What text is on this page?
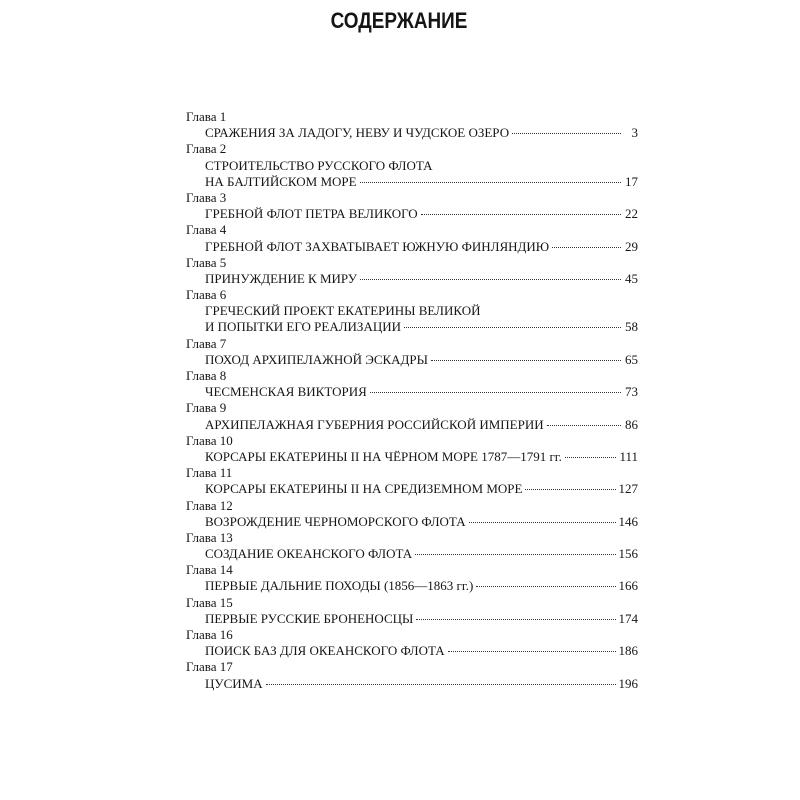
СОДЕРЖАНИЕ
Глава 1
СРАЖЕНИЯ ЗА ЛАДОГУ, НЕВУ И ЧУДСКОЕ ОЗЕРО	3
Глава 2
СТРОИТЕЛЬСТВО РУССКОГО ФЛОТА
НА БАЛТИЙСКОМ МОРЕ	17
Глава 3
ГРЕБНОЙ ФЛОТ ПЕТРА ВЕЛИКОГО	22
Глава 4
ГРЕБНОЙ ФЛОТ ЗАХВАТЫВАЕТ ЮЖНУЮ ФИНЛЯНДИЮ	29
Глава 5
ПРИНУЖДЕНИЕ К МИРУ	45
Глава 6
ГРЕЧЕСКИЙ ПРОЕКТ ЕКАТЕРИНЫ ВЕЛИКОЙ
И ПОПЫТКИ ЕГО РЕАЛИЗАЦИИ	58
Глава 7
ПОХОД АРХИПЕЛАЖНОЙ ЭСКАДРЫ	65
Глава 8
ЧЕСМЕНСКАЯ ВИКТОРИЯ	73
Глава 9
АРХИПЕЛАЖНАЯ ГУБЕРНИЯ РОССИЙСКОЙ ИМПЕРИИ	86
Глава 10
КОРСАРЫ ЕКАТЕРИНЫ II НА ЧЁРНОМ МОРЕ 1787—1791 гг.	111
Глава 11
КОРСАРЫ ЕКАТЕРИНЫ II НА СРЕДИЗЕМНОМ МОРЕ	127
Глава 12
ВОЗРОЖДЕНИЕ ЧЕРНОМОРСКОГО ФЛОТА	146
Глава 13
СОЗДАНИЕ ОКЕАНСКОГО ФЛОТА	156
Глава 14
ПЕРВЫЕ ДАЛЬНИЕ ПОХОДЫ (1856—1863 гг.)	166
Глава 15
ПЕРВЫЕ РУССКИЕ БРОНЕНОСЦЫ	174
Глава 16
ПОИСК БАЗ ДЛЯ ОКЕАНСКОГО ФЛОТА	186
Глава 17
ЦУСИМА	196
